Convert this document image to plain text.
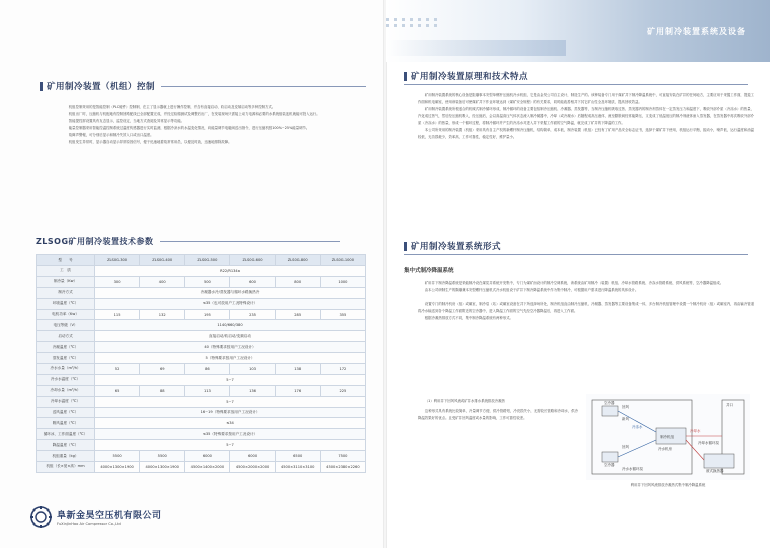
矿用制冷装置系统及设备
矿用制冷装置（机组）控制

机组控制采用的是智能控制（PLC硬件）控制制，在主了显示器就上进行操作控制，并含有直接启动、软启动及变频启动等多种控制方式。

机组出厂时，压缩机与机配地有控制回路配线已全部配置完成，并经过检循测试及调整后出厂，在发装现场只需接上动力电源和必要的水系统组装连机就能可投入运行。

智能提控屏设置具有友态显示，监控设定，当地方式查阅及异常显示等功能。

能量控制器采用智能控温控制系统过温度传感器进行实时监测，根据冷凉水的水温变化情况，向能量调节电磁阀送出指令，进行压缩机按100%~25%能量调节。

故障声警報，可分别后显示和制冷失效入口或出口温度。

机组发生异常时，显示器自动显示异常原因信号，便于迅速地着故常常用员，以便及时致，迅速地排除故障。

ZLSOG矿用制冷装置技术参数
型　　号	ZLS0G-300	ZLS0G-400	ZLS0G-500	ZLS0G-600	ZLS0G-800	ZLS0G-1000
工　质	R22/R134a					
制冷量（Kw）	300	400	500	600	800	1000
制冷方式	冷凝器水冷/蒸发器与循环水路换热冷					
环境温度（℃）	≤35（也可放用户工况特殊设计）					
电机功率（Kw）	115	132	195	235	285	355
电压等级（V）	1140/660/380					
启动方式	直接启动/软启动/变频启动					
冷凝温度（℃）	40（特殊要求按用户工况设计）					
蒸发温度（℃）	5（特殊要求按用户工况设计）					
冷水水量（m³/h）	52	69	86	103	138	172
冷水水温度（℃）	5~7					
冷却水量（m³/h）	65	88	113	136	176	225
冷却水温度（℃）	5~7					
送风温度（℃）	16~19（特殊要求放用户工况设计）					
吸风温度（℃）	≤34					
循环冰、工作面温度（℃）	≤35（特殊要求按用户工况设计）					
降温温度（℃）	5~7					
机组重量（kg）	5500	5500	6000	6000	6500	7500
机组（长×宽×高）mm	4000×1300×1900	4000×1300×1900	4500×1400×2000	4500×2000×2000	4500×3110×3100	4500×2380×2260
阜新金昊空压机有限公司
FuXinJinHao Air Compressor Co.,Ltd
矿用制冷装置原理和技术特点

矿用制冷装置系统的核心设备是阻爆事本安型单螺杆压缩机冷水机组，它是由金昊公司自主设计，制造生产的。该种装备专门用于煤矿井下制冷降温系统中，可直接安装在矿井的任何地方，主要应用于采掘工作面，提退工作面和机电硐室，使用该装备后可使煤矿井下作业环境达到《煤矿安全规程》的有关要求，同时能改善相井下其它矿山性全及环境质，提高回收效益。

矿用制冷装置系统所根适合的机械式制冷循环形成，制冷循环的设备主要包括制冷压缩机、冷凝器、蒸发器等，当制冷压缩机吸取过热、蒸发器内的制冷剂蒸体在一定蒸发压力和温度下，吸收外部介质（冷冻水）的热量，汽化成过热气，然后经压缩机吸入，经压缩后，会以高温高压气体状态流入制冷凝器中，冷却（或冷凝水）后随程成高压液体，流至膨胀阀经常能降压，又变成了低温低压的制冷剂液体而入蒸发器，在蒸发器中再次吸收外部介质（冷冻水）的热量，形成一个循环过程，将制冷循环并产生的冷冻水对进入井下采掘工作面的空气降温，就完成了矿井的下降温的工作。

本公司所采用的制冷装置（机组）采用具有自主产权的新螺杆制冷压缩机，结构简单，成本低，制冷装置（机组）已经有了矿用产品安全标志证书，选择于煤矿井下使用，机组运行平衡，振动小，噪声低，运行温度和油温较低，无功损耗少，效率高，工作可靠性，稳定性好，维护量小。

矿用制冷装置系统形式
集中式制冷降温系统

矿用井下制冷降温系统是采能制冷设在煤炭井系统开发集中，专门为煤矿而设计的制冷空调系统，该系统由矿用制冷（装置）机组、冷却水管路系统、冷冻水管路系统、供风系统等，空冷器降温组成。

由本公司研制生产的隔爆兼本安型螺杆压缩机式冷水机组设于矿井下制冷降温系统中作为集中制冷，可根据用户需求进行降温系统的具体设计。

设置专门的制冷机房（组）或硐室，制冷泵（站）或硐室设备在井下所选择场所处，制冷机组直由制冷压缩机、冷凝器、蒸发器等主要设备集成一体，多台制冷机组管理中设置一个制冷机房（组）或硐室内，再由输冷管道将冷水输送到各个降温工作面附近的空冷器中，进入降温工作面的空气先经空冷器降温后，再进入工作面。

根据冷凝热排放方式不同，集中制冷降温系统有两种形式。

（1）利用井下回风风流或矿井水排水系统排放冷凝热

这种形式具有系统比较简单，冷量调节方便，供冷管路短，冷亮损失小，无需较长管路和冷却水，供冷降温效果好的优点。且受矿井回风温度或水量的影响，工作可靠性较差。

空冷器
回风
新风
制冷机组
冷水机房
井口
冷却水循环泵
回风
冷冻水
冷水水循环泵
冷却水
空冷器
被式换热器
利用井下回风风流排放冷凝热式集中制冷降温系统
